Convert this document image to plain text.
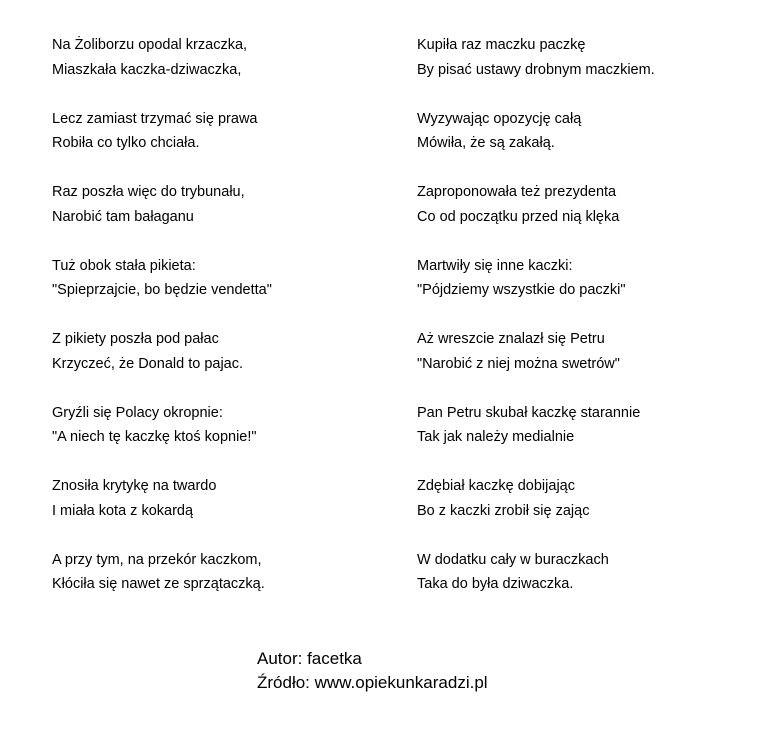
Na Żoliborzu opodal krzaczka,
Miaszkała kaczka-dziwaczka,
Lecz zamiast trzymać się prawa
Robiła co tylko chciała.
Raz poszła więc do trybunału,
Narobić tam bałaganu
Tuż obok stała pikieta:
"Spieprzajcie, bo będzie vendetta"
Z pikiety poszła pod pałac
Krzyczeć, że Donald to pajac.
Gryźli się Polacy okropnie:
"A niech tę kaczkę ktoś kopnie!"
Znosiła krytykę na twardo
I miała kota z kokardą
A przy tym, na przekór kaczkom,
Kłóciła się nawet ze sprzątaczką.
Kupiła raz maczku paczkę
By pisać ustawy drobnym maczkiem.
Wyzywając opozycję całą
Mówiła, że są zakałą.
Zaproponowała też prezydenta
Co od początku przed nią klęka
Martwiły się inne kaczki:
"Pójdziemy wszystkie do paczki"
Aż wreszcie znalazł się Petru
"Narobić z niej można swetrów"
Pan Petru skubał kaczkę starannie
Tak jak należy medialnie
Zdębiał kaczkę dobijając
Bo z kaczki zrobił się zając
W dodatku cały w buraczkach
Taka do była dziwaczka.
Autor: facetka
Źródło: www.opiekunkaradzi.pl
